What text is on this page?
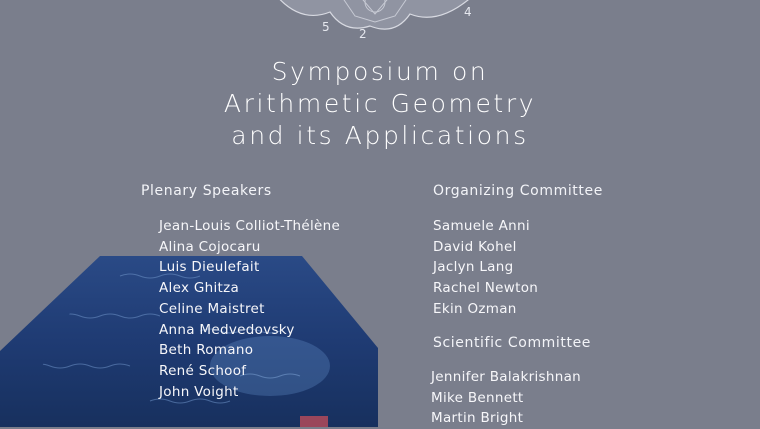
5 2
4
Symposium on
Arithmetic Geometry
and its Applications
Plenary Speakers
Jean-Louis Colliot-Thélène
Alina Cojocaru
Luis Dieulefait
Alex Ghitza
Celine Maistret
Anna Medvedovsky
Beth Romano
René Schoof
John Voight
Organizing Committee
Samuele Anni
David Kohel
Jaclyn Lang
Rachel Newton
Ekin Ozman
Scientific Committee
Jennifer Balakrishnan
Mike Bennett
Martin Bright
